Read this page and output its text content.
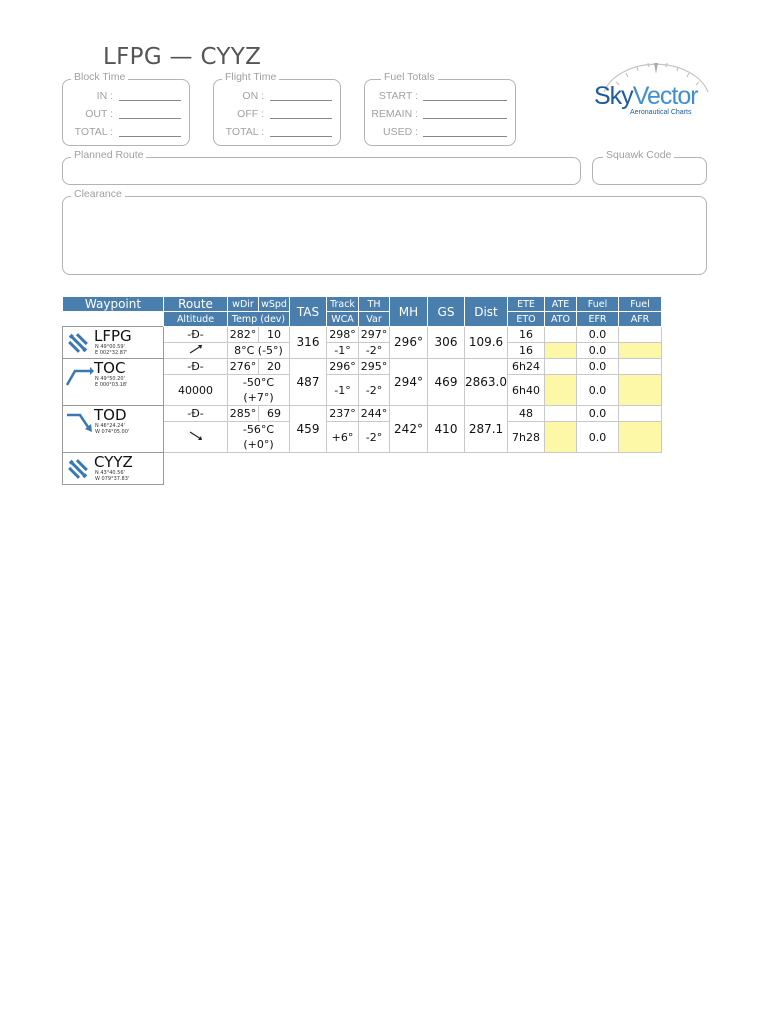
LFPG — CYYZ
Block Time
IN :
OUT :
TOTAL :
Flight Time
ON :
OFF :
TOTAL :
Fuel Totals
START :
REMAIN :
USED :
SkyVector
Aeronautical Charts
Planned Route	Squawk Code
Clearance
Waypoint	Route	wDir	wSpd	TAS	Track	TH	MH	GS	Dist	ETE	ATE	Fuel	Fuel
	Altitude	Temp (dev)			WCA	Var				ETO	ATO	EFR	AFR

LFPG
N 49°00.59'
E 002°32.87'	-Ð-	282°	10	316	298°	297°	296°	306	109.6	16		0.0	
	8°C (-5°)			-1°	-2°				16		0.0	

TOC
N 49°50.20'
E 000°03.18'	-Ð-	276°	20	487	296°	295°	294°	469	2863.0	6h24		0.0	
	40000	-50°C (+7°)			-1°	-2°				6h40		0.0	

TOD
N 46°24.24'
W 074°05.00'	-Ð-	285°	69	459	237°	244°	242°	410	287.1	48		0.0	
	-56°C (+0°)			+6°	-2°				7h28		0.0	

CYYZ
N 43°40.56'
W 079°37.83'													
